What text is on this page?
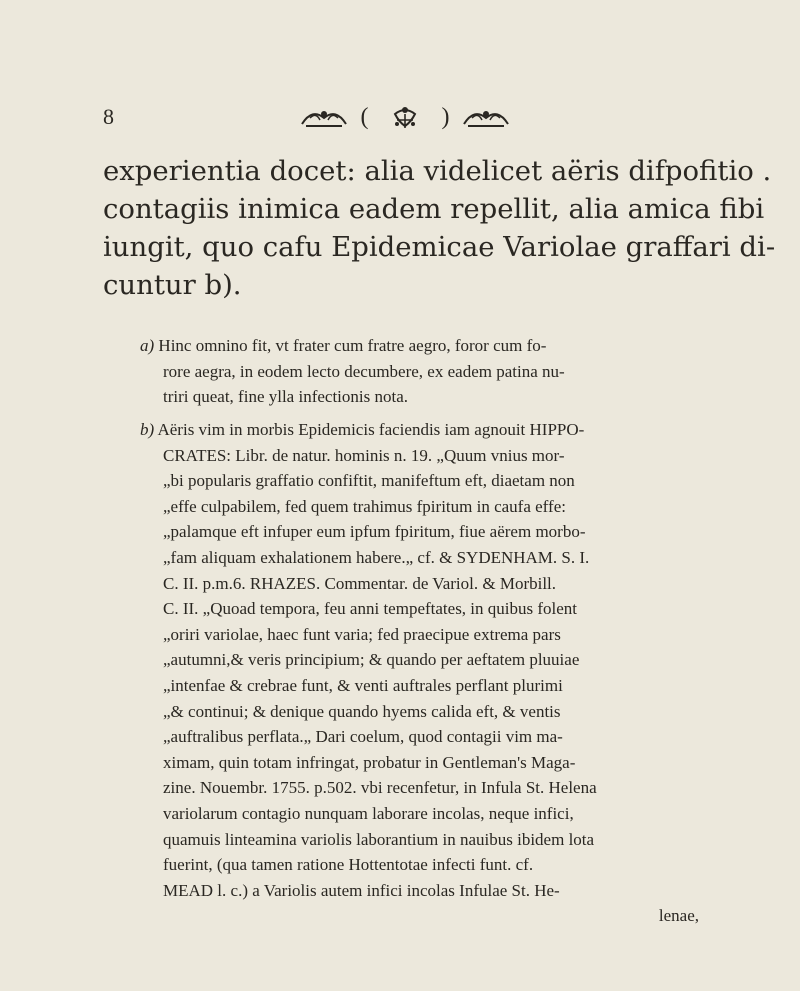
8	(	)
experientia docet: alia videlicet aëris difpofitio .
contagiis inimica eadem repellit, alia amica fibi
iungit, quo cafu Epidemicae Variolae graffari di-
cuntur b).
a) Hinc omnino fit, vt frater cum fratre aegro, foror cum fo-
rore aegra, in eodem lecto decumbere, ex eadem patina nu-
triri queat, fine ylla infectionis nota.
b) Aëris vim in morbis Epidemicis faciendis iam agnouit HIPPO-
CRATES: Libr. de natur. hominis n. 19. „Quum vnius mor-
„bi popularis graffatio confiftit, manifeftum eft, diaetam non
„effe culpabilem, fed quem trahimus fpiritum in caufa effe:
„palamque eft infuper eum ipfum fpiritum, fiue aërem morbo-
„fam aliquam exhalationem habere.„ cf. & SYDENHAM. S. I.
C. II. p.m.6. RHAZES. Commentar. de Variol. & Morbill.
C. II. „Quoad tempora, feu anni tempeftates, in quibus folent
„oriri variolae, haec funt varia; fed praecipue extrema pars
„autumni,& veris principium; & quando per aeftatem pluuiae
„intenfae & crebrae funt, & venti auftrales perflant plurimi
„& continui; & denique quando hyems calida eft, & ventis
„auftralibus perflata.„ Dari coelum, quod contagii vim ma-
ximam, quin totam infringat, probatur in Gentleman's Maga-
zine. Nouembr. 1755. p.502. vbi recenfetur, in Infula St. Helena
variolarum contagio nunquam laborare incolas, neque infici,
quamuis linteamina variolis laborantium in nauibus ibidem lota
fuerint, (qua tamen ratione Hottentotae infecti funt. cf.
MEAD l. c.) a Variolis autem infici incolas Infulae St. He-
lenae,
